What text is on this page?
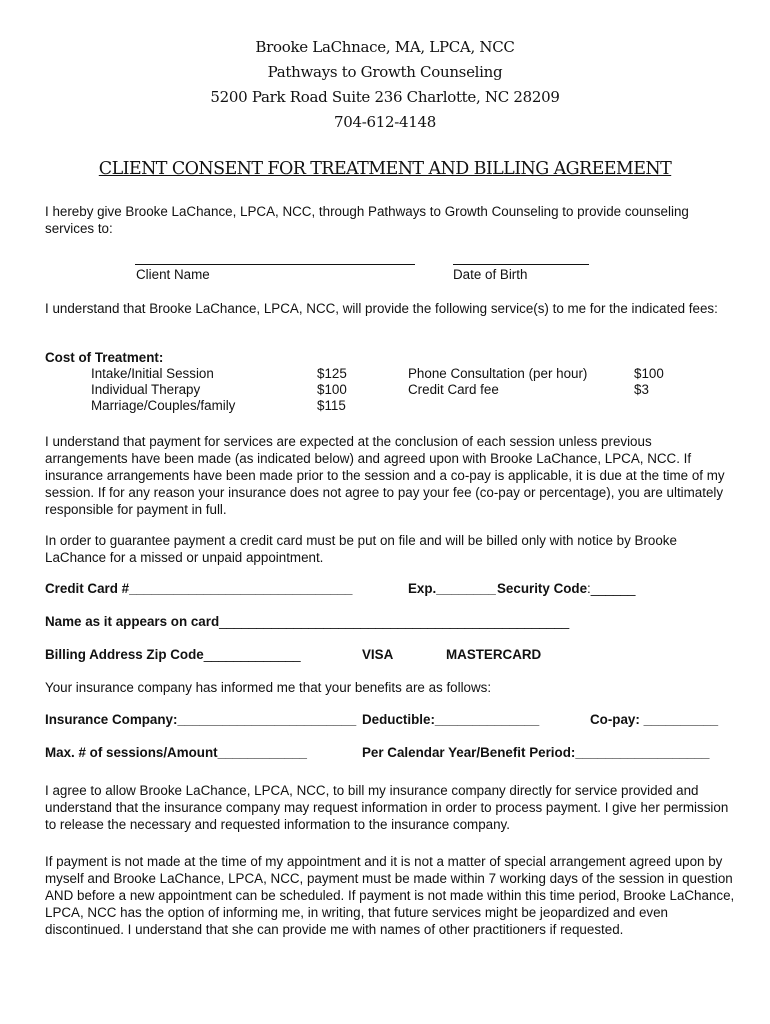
Brooke LaChnace, MA, LPCA, NCC
Pathways to Growth Counseling
5200 Park Road Suite 236 Charlotte, NC 28209
704-612-4148
CLIENT CONSENT FOR TREATMENT AND BILLING AGREEMENT
I hereby give Brooke LaChance, LPCA, NCC, through Pathways to Growth Counseling to provide counseling services to:
Client Name	Date of Birth
I understand that Brooke LaChance, LPCA, NCC, will provide the following service(s) to me for the indicated fees:
Cost of Treatment:
Intake/Initial Session	$125
Individual Therapy	$100
Marriage/Couples/family	$115
Phone Consultation (per hour)	$100
Credit Card fee	$3
I understand that payment for services are expected at the conclusion of each session unless previous arrangements have been made (as indicated below) and agreed upon with Brooke LaChance, LPCA, NCC. If insurance arrangements have been made prior to the session and a co-pay is applicable, it is due at the time of my session. If for any reason your insurance does not agree to pay your fee (co-pay or percentage), you are ultimately responsible for payment in full.
In order to guarantee payment a credit card must be put on file and will be billed only with notice by Brooke LaChance for a missed or unpaid appointment.
Credit Card #______________________________	Exp.________ Security Code:______
Name as it appears on card_______________________________________________
Billing Address Zip Code_____________	VISA	MASTERCARD
Your insurance company has informed me that your benefits are as follows:
Insurance Company:________________________ Deductible:______________	Co-pay: __________
Max. # of sessions/Amount____________	Per Calendar Year/Benefit Period:__________________
I agree to allow Brooke LaChance, LPCA, NCC, to bill my insurance company directly for service provided and understand that the insurance company may request information in order to process payment. I give her permission to release the necessary and requested information to the insurance company.
If payment is not made at the time of my appointment and it is not a matter of special arrangement agreed upon by myself and Brooke LaChance, LPCA, NCC, payment must be made within 7 working days of the session in question AND before a new appointment can be scheduled. If payment is not made within this time period, Brooke LaChance, LPCA, NCC has the option of informing me, in writing, that future services might be jeopardized and even discontinued. I understand that she can provide me with names of other practitioners if requested.
